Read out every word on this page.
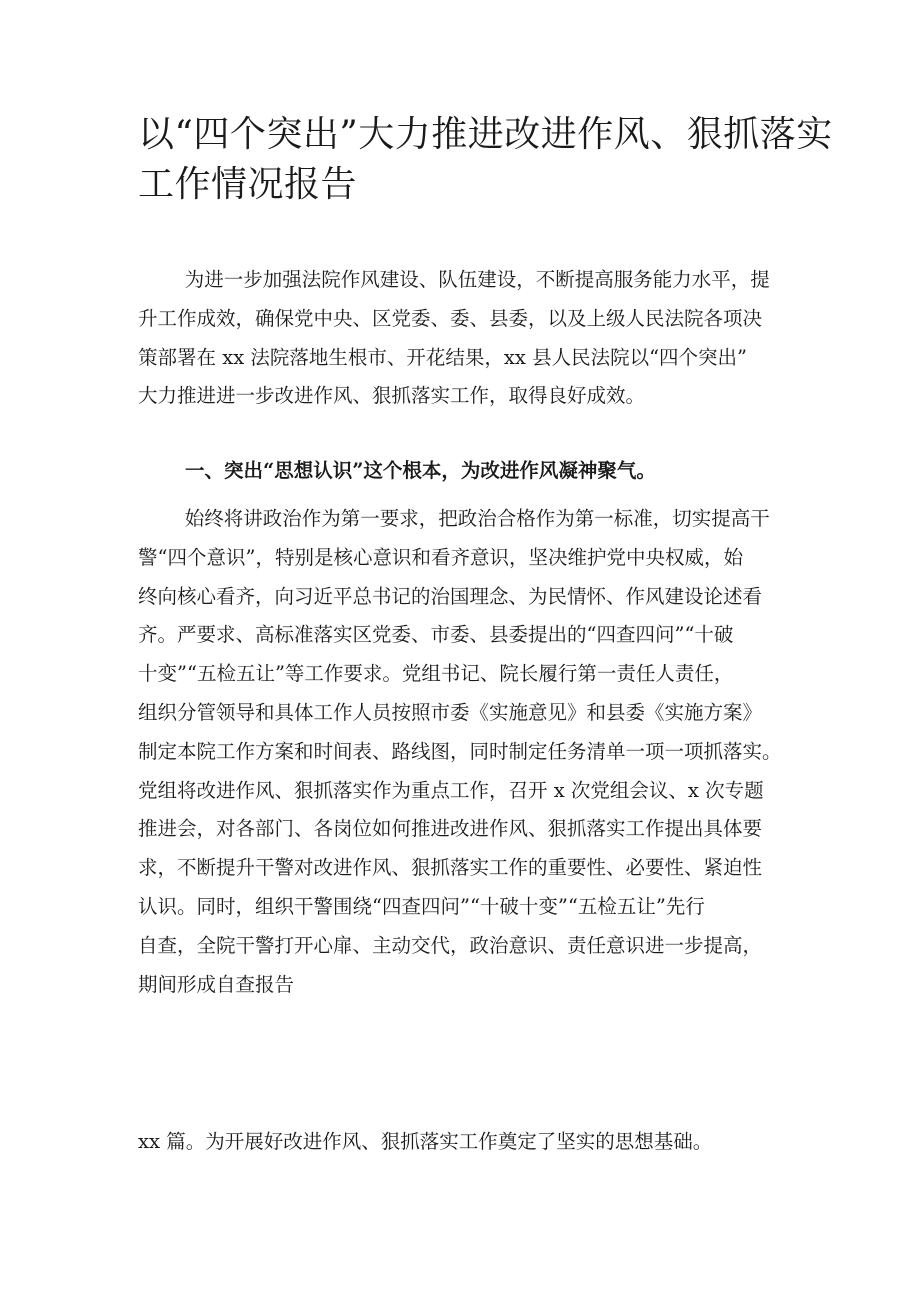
以“四个突出”大力推进改进作风、狠抓落实
工作情况报告
为进一步加强法院作风建设、队伍建设，不断提高服务能力水平，提
升工作成效，确保党中央、区党委、委、县委，以及上级人民法院各项决
策部署在 xx 法院落地生根市、开花结果，xx 县人民法院以“四个突出”
大力推进进一步改进作风、狠抓落实工作，取得良好成效。
一、突出“思想认识”这个根本，为改进作风凝神聚气。
始终将讲政治作为第一要求，把政治合格作为第一标准，切实提高干
警“四个意识”，特别是核心意识和看齐意识，坚决维护党中央权威，始
终向核心看齐，向习近平总书记的治国理念、为民情怀、作风建设论述看
齐。严要求、高标准落实区党委、市委、县委提出的“四查四问”“十破
十变”“五检五让”等工作要求。党组书记、院长履行第一责任人责任，
组织分管领导和具体工作人员按照市委《实施意见》和县委《实施方案》
制定本院工作方案和时间表、路线图，同时制定任务清单一项一项抓落实。
党组将改进作风、狠抓落实作为重点工作，召开 x 次党组会议、x 次专题
推进会，对各部门、各岗位如何推进改进作风、狠抓落实工作提出具体要
求，不断提升干警对改进作风、狠抓落实工作的重要性、必要性、紧迫性
认识。同时，组织干警围绕“四查四问”“十破十变”“五检五让”先行
自查，全院干警打开心扉、主动交代，政治意识、责任意识进一步提高，
期间形成自查报告

xx 篇。为开展好改进作风、狠抓落实工作奠定了坚实的思想基础。
